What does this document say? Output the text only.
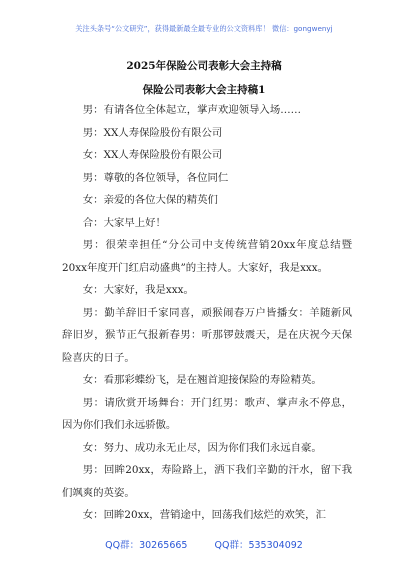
关注头条号“公文研究”，获得最新最全最专业的公文资料库！ 微信：gongwenyj
2025年保险公司表彰大会主持稿
保险公司表彰大会主持稿1

男：有请各位全体起立，掌声欢迎领导入场……

男：XX人寿保险股份有限公司

女：XX人寿保险股份有限公司

男：尊敬的各位领导，各位同仁

女：亲爱的各位大保的精英们

合：大家早上好！

男：很荣幸担任“分公司中支传统营销20xx年度总结暨20xx年度开门红启动盛典”的主持人。大家好，我是xxx。

女：大家好，我是xxx。

男：勤羊辞旧千家同喜，顽猴闹春万户皆播女：羊随新风辞旧岁，猴节正气报新春男：听那锣鼓震天，是在庆祝今天保险喜庆的日子。

女：看那彩蝶纷飞，是在翘首迎接保险的寿险精英。

男：请欣赏开场舞台：开门红男：歌声、掌声永不停息，因为你们我们永远骄傲。

女：努力、成功永无止尽，因为你们我们永远自豪。

男：回眸20xx，寿险路上，洒下我们辛勤的汗水，留下我们飒爽的英姿。

女：回眸20xx，营销途中，回荡我们炫烂的欢笑，汇

QQ群：30265665	QQ群：535304092
